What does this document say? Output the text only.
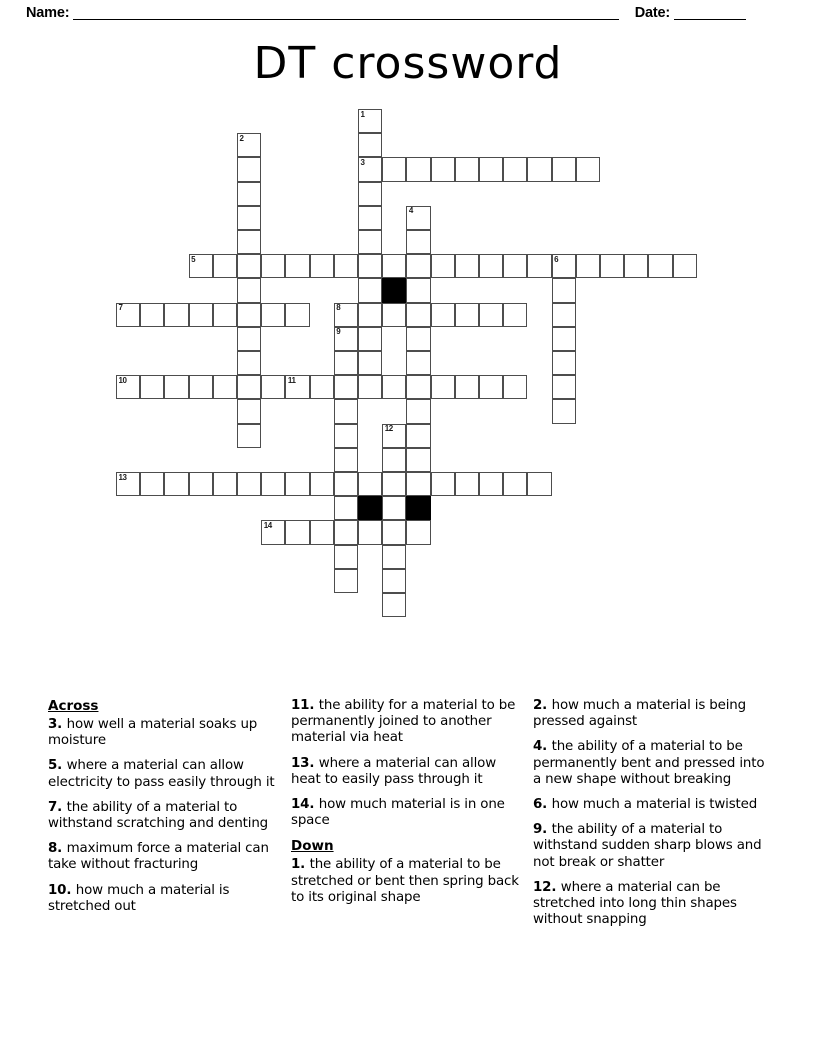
Name:	Date:
DT crossword
1
2
3
4
5	6
7	8
9
10	11
12
13
14
Across

3. how well a material soaks up moisture

5. where a material can allow electricity to pass easily through it

7. the ability of a material to withstand scratching and denting

8. maximum force a material can take without fracturing

10. how much a material is stretched out

11. the ability for a material to be permanently joined to another material via heat

13. where a material can allow heat to easily pass through it

14. how much material is in one space

Down

1. the ability of a material to be stretched or bent then spring back to its original shape

2. how much a material is being pressed against

4. the ability of a material to be permanently bent and pressed into a new shape without breaking

6. how much a material is twisted

9. the ability of a material to withstand sudden sharp blows and not break or shatter

12. where a material can be stretched into long thin shapes without snapping
